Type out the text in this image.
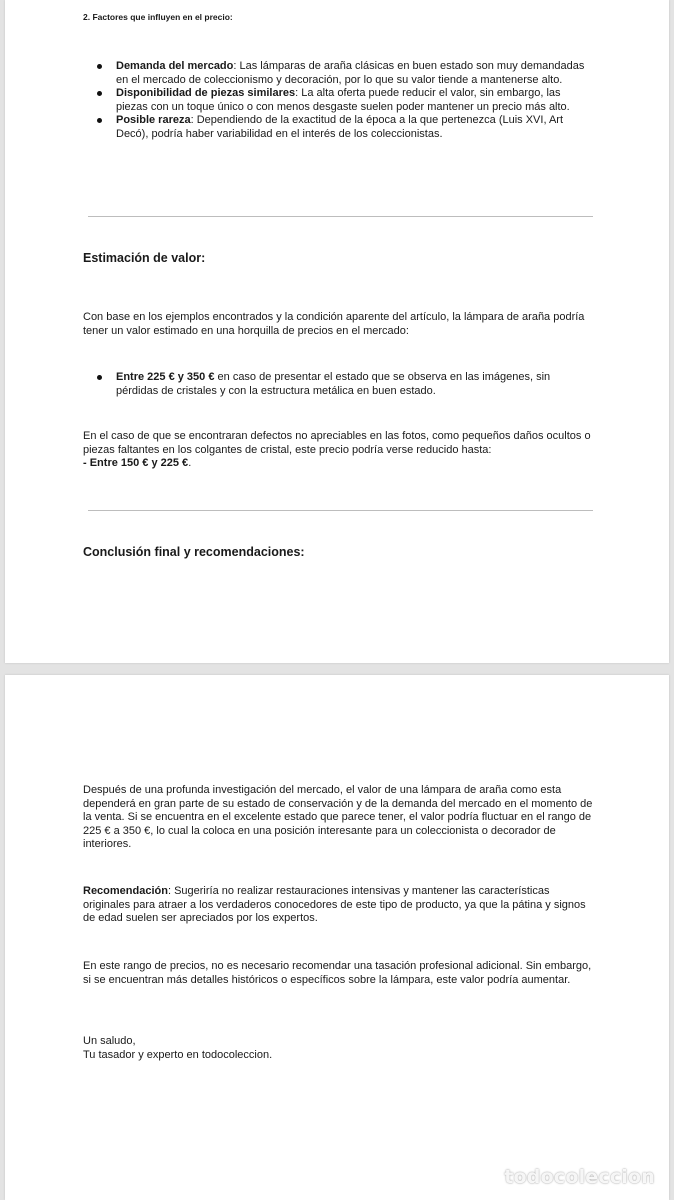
2. Factores que influyen en el precio:
Demanda del mercado: Las lámparas de araña clásicas en buen estado son muy demandadas en el mercado de coleccionismo y decoración, por lo que su valor tiende a mantenerse alto.
Disponibilidad de piezas similares: La alta oferta puede reducir el valor, sin embargo, las piezas con un toque único o con menos desgaste suelen poder mantener un precio más alto.
Posible rareza: Dependiendo de la exactitud de la época a la que pertenezca (Luis XVI, Art Decó), podría haber variabilidad en el interés de los coleccionistas.
Estimación de valor:

Con base en los ejemplos encontrados y la condición aparente del artículo, la lámpara de araña podría tener un valor estimado en una horquilla de precios en el mercado:

Entre 225 € y 350 € en caso de presentar el estado que se observa en las imágenes, sin pérdidas de cristales y con la estructura metálica en buen estado.

En el caso de que se encontraran defectos no apreciables en las fotos, como pequeños daños ocultos o piezas faltantes en los colgantes de cristal, este precio podría verse reducido hasta:
- Entre 150 € y 225 €.

Conclusión final y recomendaciones:

Después de una profunda investigación del mercado, el valor de una lámpara de araña como esta dependerá en gran parte de su estado de conservación y de la demanda del mercado en el momento de la venta. Si se encuentra en el excelente estado que parece tener, el valor podría fluctuar en el rango de 225 € a 350 €, lo cual la coloca en una posición interesante para un coleccionista o decorador de interiores.

Recomendación: Sugeriría no realizar restauraciones intensivas y mantener las características originales para atraer a los verdaderos conocedores de este tipo de producto, ya que la pátina y signos de edad suelen ser apreciados por los expertos.

En este rango de precios, no es necesario recomendar una tasación profesional adicional. Sin embargo, si se encuentran más detalles históricos o específicos sobre la lámpara, este valor podría aumentar.

Un saludo,
Tu tasador y experto en todocoleccion.

todocoleccion
